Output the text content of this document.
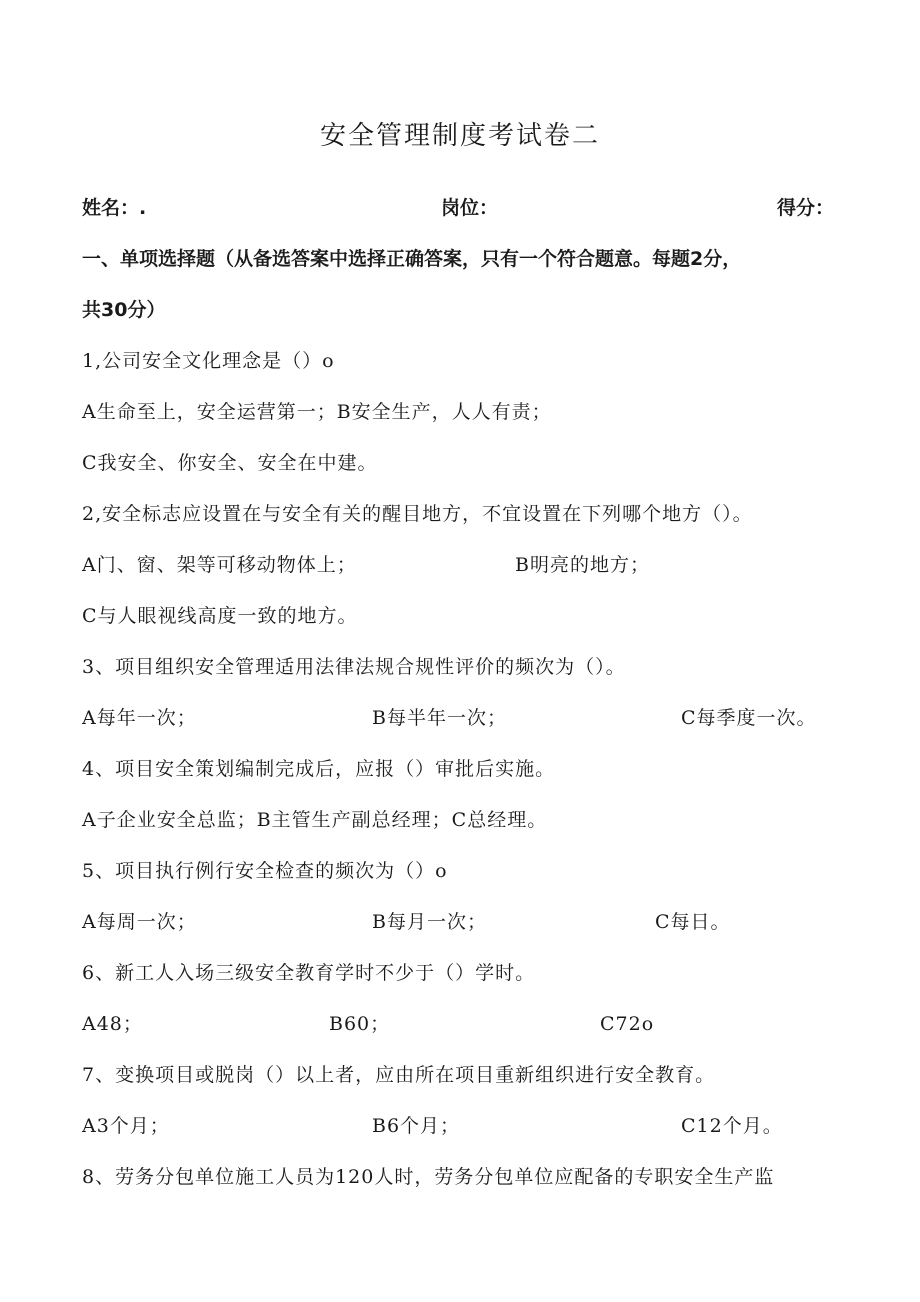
安全管理制度考试卷二
姓名：.	岗位：	得分：
一、单项选择题（从备选答案中选择正确答案，只有一个符合题意。每题2分，
共30分）
1,公司安全文化理念是（）o
A生命至上，安全运营第一；B安全生产，人人有责；
C我安全、你安全、安全在中建。
2,安全标志应设置在与安全有关的醒目地方，不宜设置在下列哪个地方（）。
A门、窗、架等可移动物体上；	B明亮的地方；
C与人眼视线高度一致的地方。
3、项目组织安全管理适用法律法规合规性评价的频次为（）。
A每年一次；	B每半年一次；	C每季度一次。
4、项目安全策划编制完成后，应报（）审批后实施。
A子企业安全总监；B主管生产副总经理；C总经理。
5、项目执行例行安全检查的频次为（）o
A每周一次；	B每月一次；	C每日。
6、新工人入场三级安全教育学时不少于（）学时。
A48；	B60；	C72o
7、变换项目或脱岗（）以上者，应由所在项目重新组织进行安全教育。
A3个月；	B6个月；	C12个月。
8、劳务分包单位施工人员为120人时，劳务分包单位应配备的专职安全生产监
